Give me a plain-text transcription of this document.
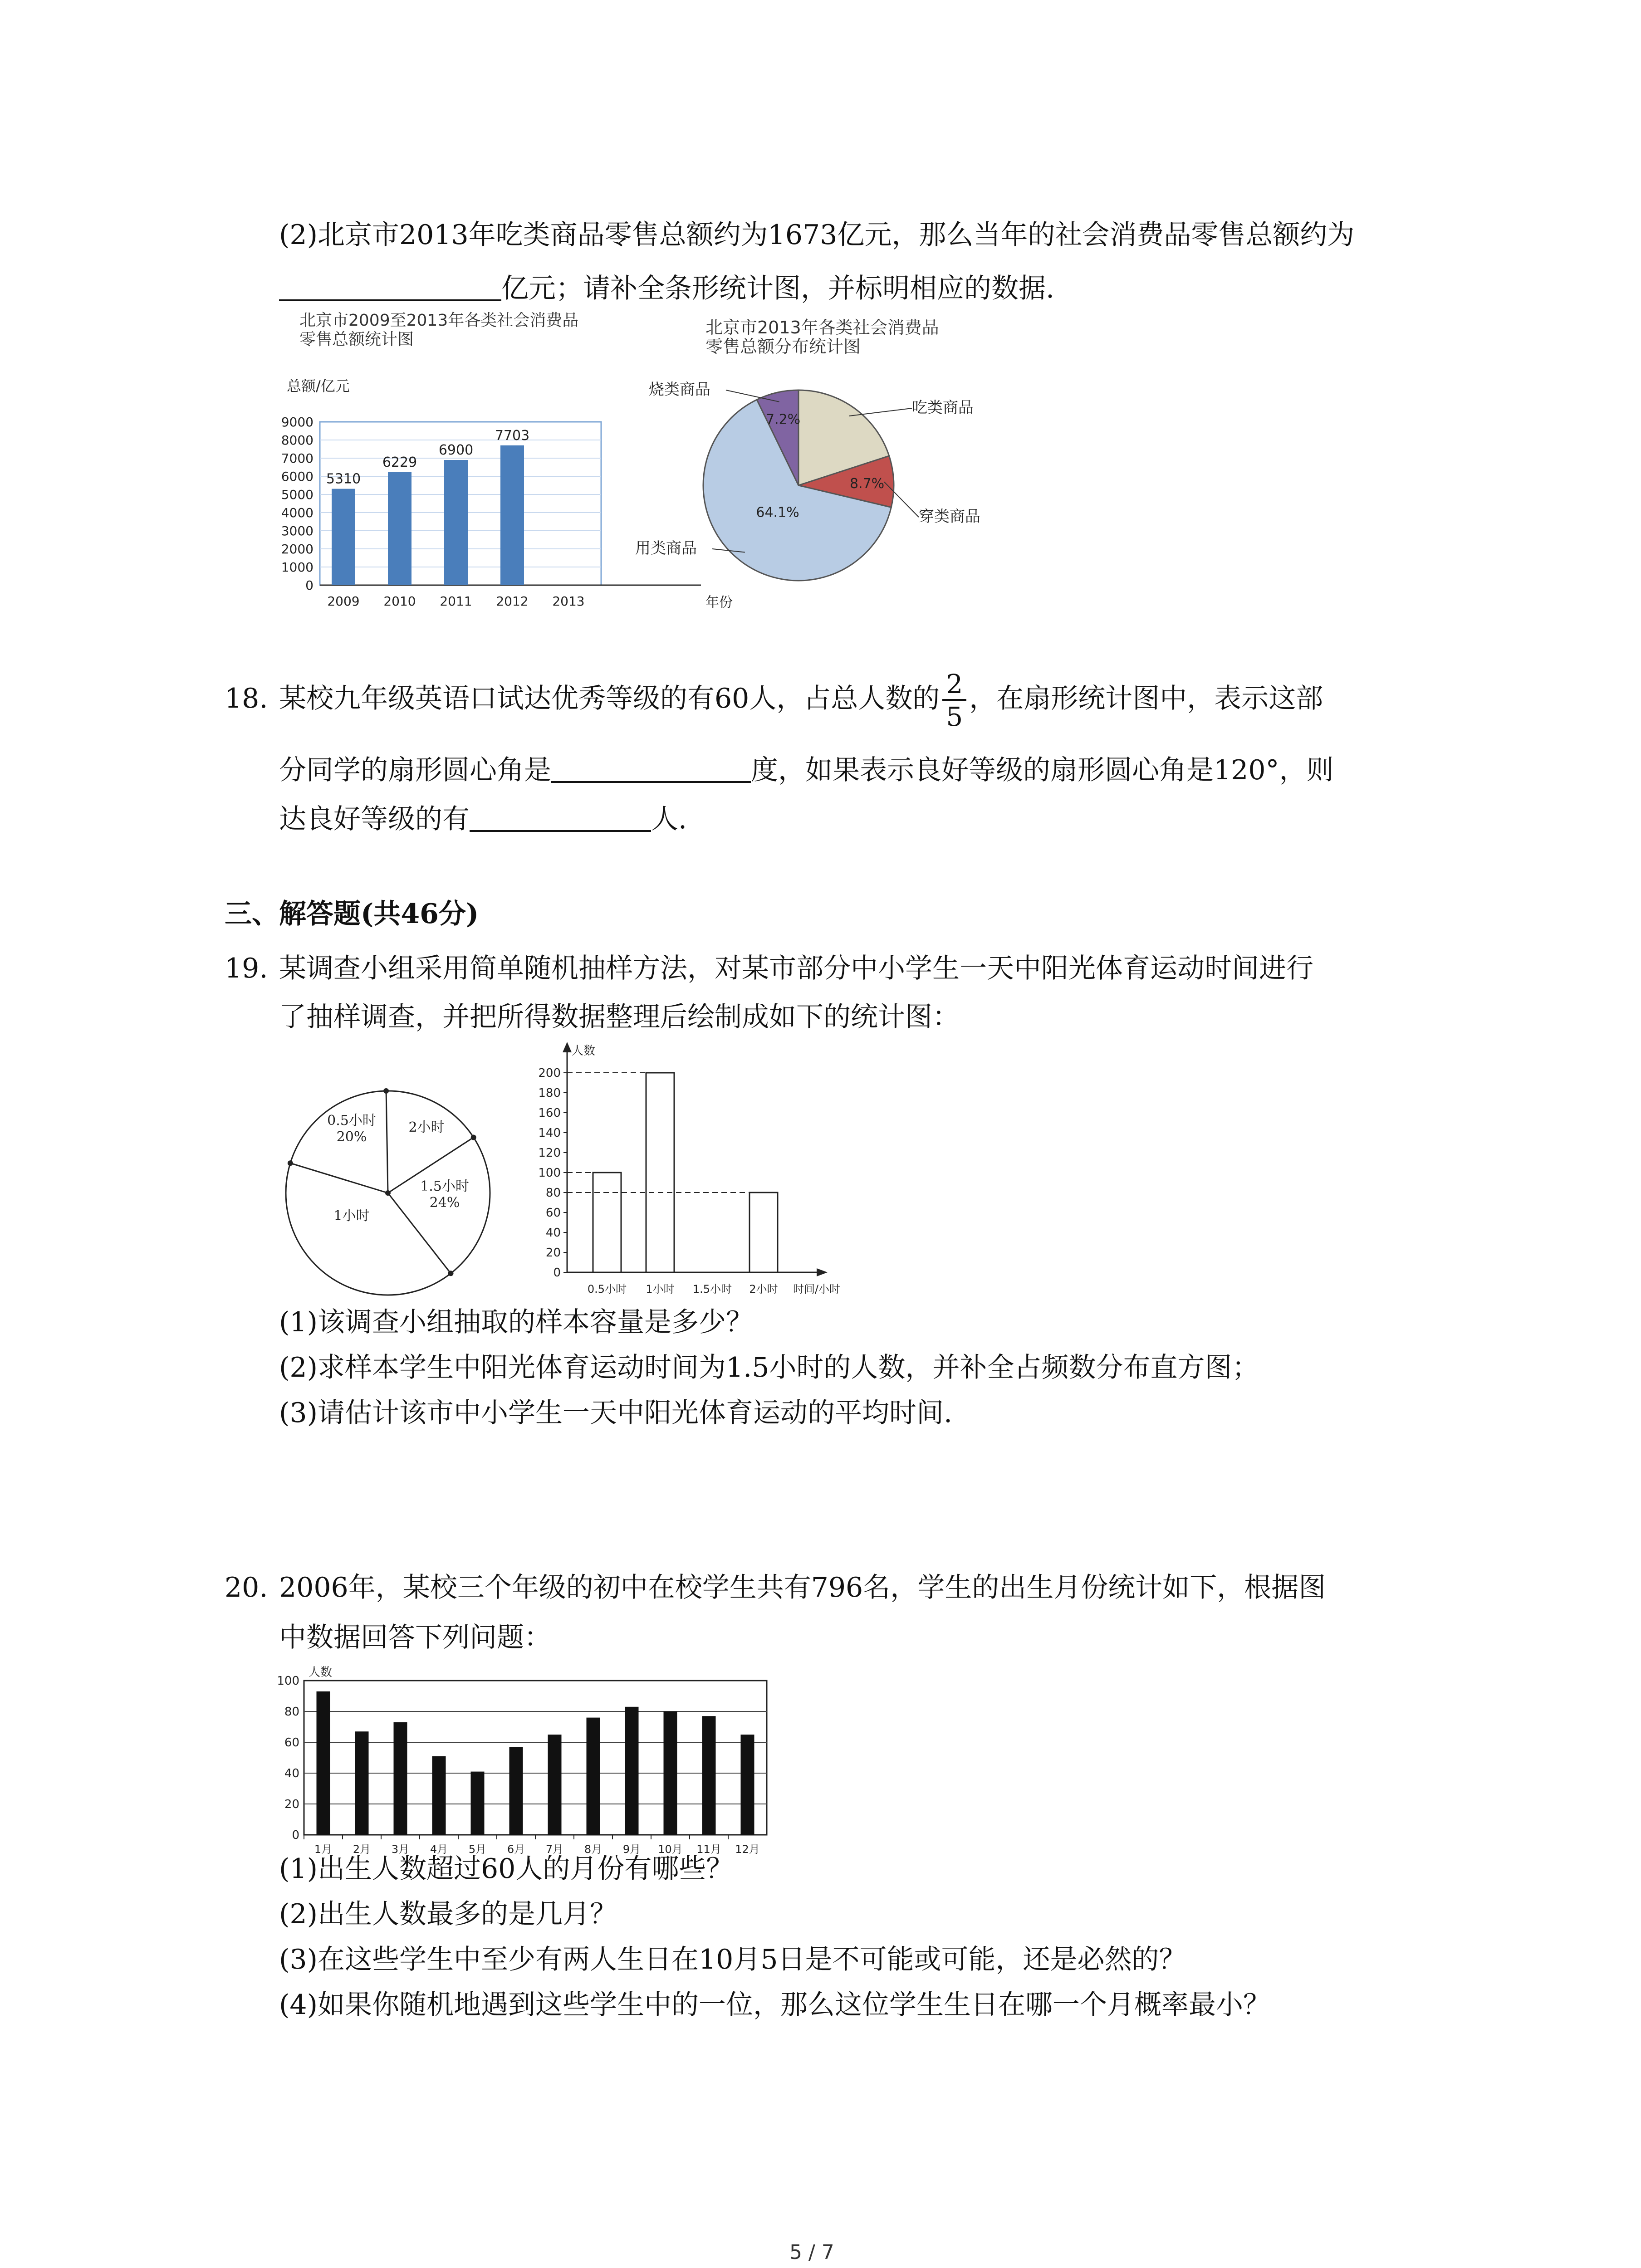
(2)北京市2013年吃类商品零售总额约为1673亿元，那么当年的社会消费品零售总额约为
亿元；请补全条形统计图，并标明相应的数据.
北京市2009至2013年各类社会消费品
零售总额统计图
总额/亿元
0
1000
2000
3000
4000
5000
6000
7000
8000
9000
年份
2009
5310
2010
6229
2011
6900
2012
7703
2013
北京市2013年各类社会消费品
零售总额分布统计图
吃类商品
8.7%
穿类商品
64.1%
用类商品
7.2%
烧类商品
18. 某校九年级英语口试达优秀等级的有60人，占总人数的 $\frac{2}{5}$ ，在扇形统计图中，表示这部
分同学的扇形圆心角是	度，如果表示良好等级的扇形圆心角是120°，则
达良好等级的有	人.
三、解答题(共46分)
19. 某调查小组采用简单随机抽样方法，对某市部分中小学生一天中阳光体育运动时间进行
了抽样调查，并把所得数据整理后绘制成如下的统计图：
0.5小时
20%
2小时
1.5小时
24%
1小时
人数
0
20
40
60
80
100
120
140
160
180
200
0.5小时 1小时 1.5小时 2小时 时间/小时
(1)该调查小组抽取的样本容量是多少？
(2)求样本学生中阳光体育运动时间为1.5小时的人数，并补全占频数分布直方图；
(3)请估计该市中小学生一天中阳光体育运动的平均时间.
20. 2006年，某校三个年级的初中在校学生共有796名，学生的出生月份统计如下，根据图
中数据回答下列问题：
人数
0
20
40
60
80
100
1月 2月 3月 4月 5月 6月 7月 8月 9月 10月 11月 12月
(1)出生人数超过60人的月份有哪些？
(2)出生人数最多的是几月？
(3)在这些学生中至少有两人生日在10月5日是不可能或可能，还是必然的？
(4)如果你随机地遇到这些学生中的一位，那么这位学生生日在哪一个月概率最小？
5 / 7
